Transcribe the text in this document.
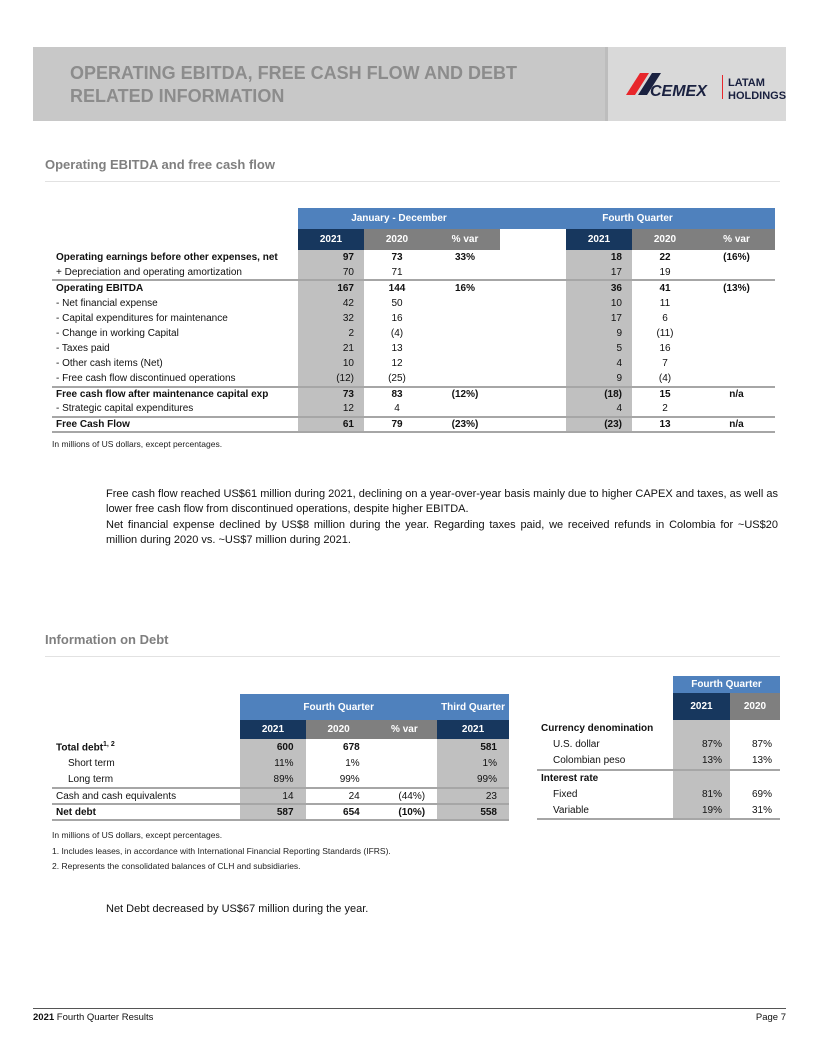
CEMEX LATAM
HOLDINGS
OPERATING EBITDA, FREE CASH FLOW AND DEBT
RELATED INFORMATION
Operating EBITDA and free cash flow
	January - December			Fourth Quarter			
	2021	2020	% var		2021	2020	% var
Operating earnings before other expenses, net	97	73	33%		18	22	(16%)
+ Depreciation and operating amortization	70	71			17	19	
Operating EBITDA	167	144	16%		36	41	(13%)
- Net financial expense	42	50			10	11	
- Capital expenditures for maintenance	32	16			17	6	
- Change in working Capital	2	(4)			9	(11)	
- Taxes paid	21	13			5	16	
- Other cash items (Net)	10	12			4	7	
- Free cash flow discontinued operations	(12)	(25)			9	(4)	
Free cash flow after maintenance capital exp	73	83	(12%)		(18)	15	n/a
- Strategic capital expenditures	12	4			4	2	
Free Cash Flow	61	79	(23%)		(23)	13	n/a
In millions of US dollars, except percentages.
Free cash flow reached US$61 million during 2021, declining on a year-over-year basis mainly due to higher CAPEX and taxes, as well as lower free cash flow from discontinued operations, despite higher EBITDA.
Net financial expense declined by US$8 million during the year. Regarding taxes paid, we received refunds in Colombia for ~US$20 million during 2020 vs. ~US$7 million during 2021.
Information on Debt
	Fourth Quarter			Third Quarter
	2021	2020	% var	2021
Total debt$^{1, 2}$	600	678		581
Short term	11%	1%		1%
Long term	89%	99%		99%
Cash and cash equivalents	14	24	(44%)	23
Net debt	587	654	(10%)	558
	Fourth Quarter	
	2021	2020
Currency denomination		
U.S. dollar	87%	87%
Colombian peso	13%	13%
Interest rate		
Fixed	81%	69%
Variable	19%	31%
In millions of US dollars, except percentages.
1. Includes leases, in accordance with International Financial Reporting Standards (IFRS).
2. Represents the consolidated balances of CLH and subsidiaries.
Net Debt decreased by US$67 million during the year.
2021 Fourth Quarter Results	Page 7
